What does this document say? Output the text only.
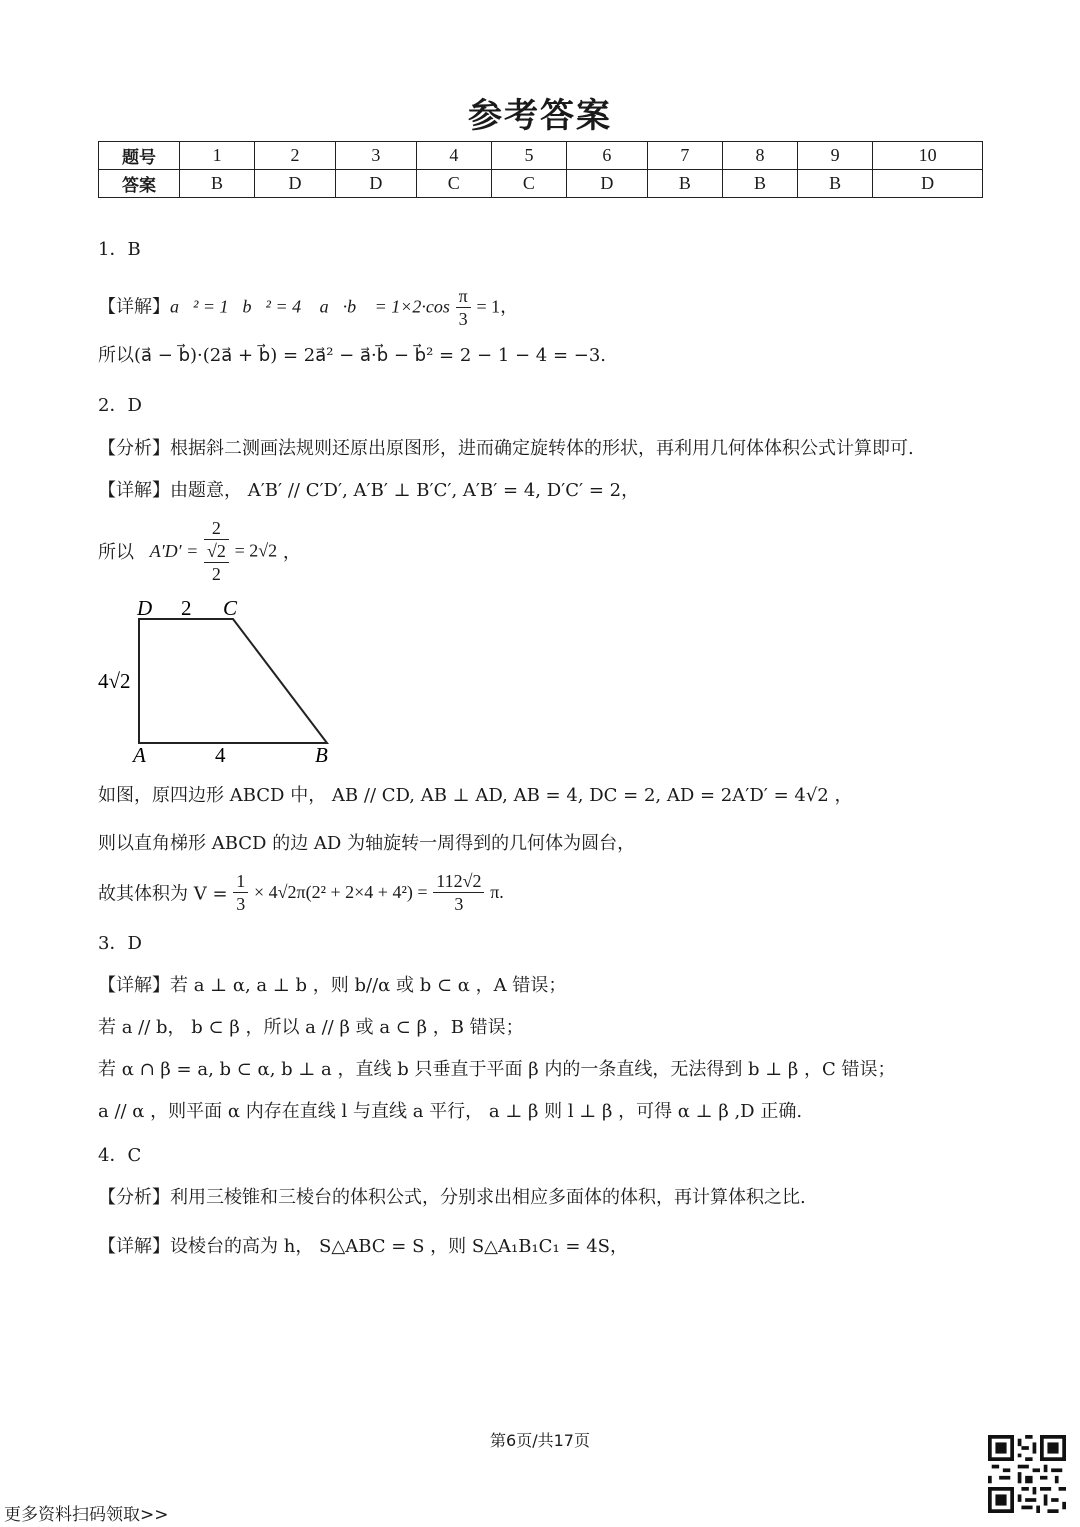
参考答案
题号	1	2	3	4	5	6	7	8	9	10
答案	B	D	D	C	C	D	B	B	B	D
1．B
【详解】a⃗² = 1，b⃗² = 4， a⃗·b⃗ = $1\times 2\cdot\cos \frac{\pi}{3} = 1$，
所以(a⃗ − b⃗)·(2a⃗ + b⃗) = 2a⃗² − a⃗·b⃗ − b⃗² = 2 − 1 − 4 = −3.
2．D
【分析】根据斜二测画法规则还原出原图形，进而确定旋转体的形状，再利用几何体体积公式计算即可.
【详解】由题意， A′B′ // C′D′, A′B′ ⊥ B′C′, A′B′ = 4, D′C′ = 2，
所以 $A'D' = \frac{2}{\frac{√2}{2}} = 2√2$ ，
D 2 C
4√2
A	4	B
如图，原四边形 ABCD 中， AB // CD, AB ⊥ AD, AB = 4, DC = 2, AD = 2A′D′ = 4√2 ，
则以直角梯形 ABCD 的边 AD 为轴旋转一周得到的几何体为圆台，
故其体积为 $V = \frac{1}{3} \times 4√2\pi(2^2 + 2\times 4 + 4^2) = \frac{112√2}{3} \pi$.
3．D
【详解】若 a ⊥ α, a ⊥ b ，则 b//α 或 b ⊂ α ，A 错误；
若 a // b， b ⊂ β ，所以 a // β 或 a ⊂ β ，B 错误；
若 α ∩ β = a, b ⊂ α, b ⊥ a ，直线 b 只垂直于平面 β 内的一条直线，无法得到 b ⊥ β ，C 错误；
a // α ，则平面 α 内存在直线 l 与直线 a 平行， a ⊥ β 则 l ⊥ β ，可得 α ⊥ β ,D 正确.
4．C
【分析】利用三棱锥和三棱台的体积公式，分别求出相应多面体的体积，再计算体积之比.
【详解】设棱台的高为 h， S△ABC = S ，则 S△A₁B₁C₁ = 4S，
第6页/共17页
更多资料扫码领取>>
